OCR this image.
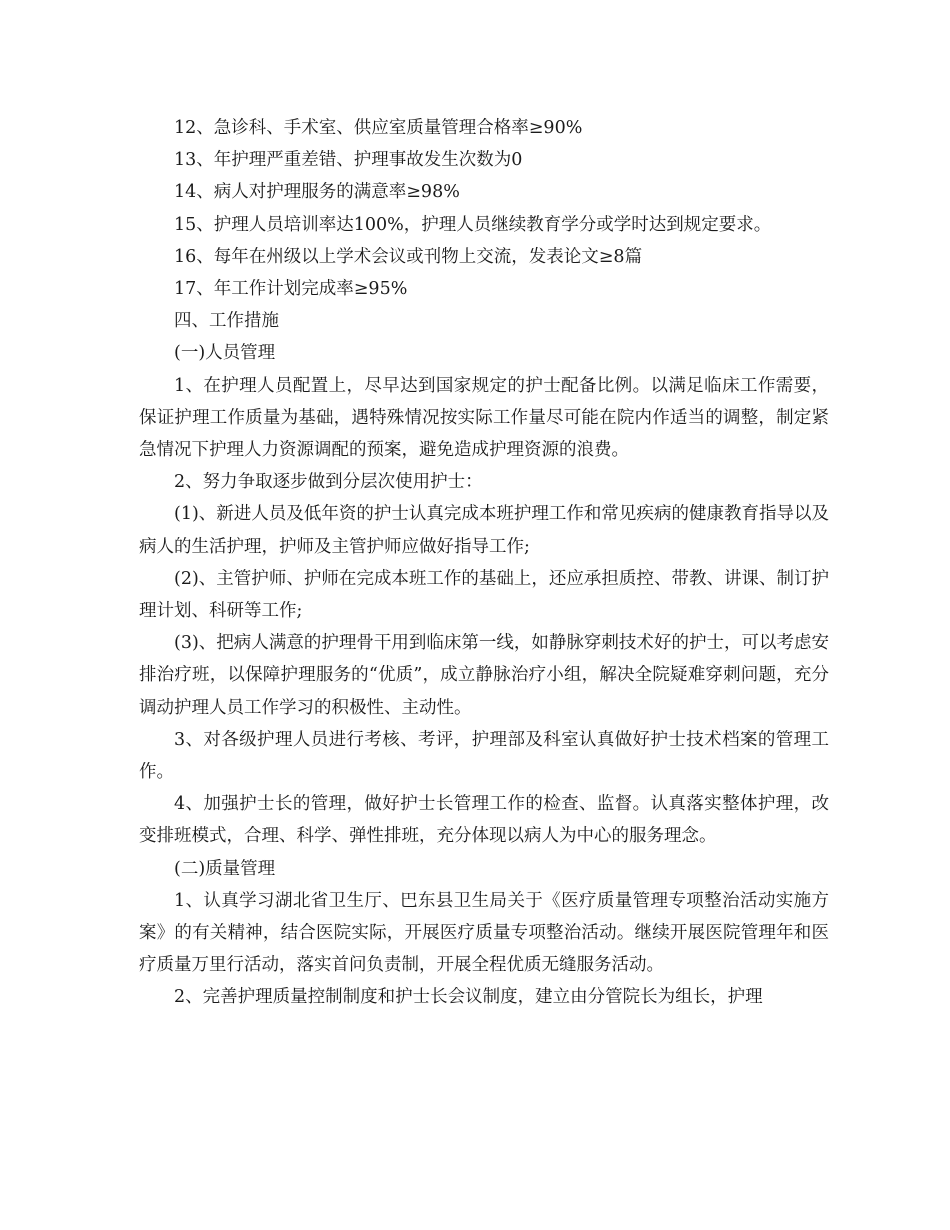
12、急诊科、手术室、供应室质量管理合格率≥90%

13、年护理严重差错、护理事故发生次数为0

14、病人对护理服务的满意率≥98%

15、护理人员培训率达100%，护理人员继续教育学分或学时达到规定要求。

16、每年在州级以上学术会议或刊物上交流，发表论文≥8篇

17、年工作计划完成率≥95%

四、工作措施

(一)人员管理

1、在护理人员配置上，尽早达到国家规定的护士配备比例。以满足临床工作需要，保证护理工作质量为基础，遇特殊情况按实际工作量尽可能在院内作适当的调整，制定紧急情况下护理人力资源调配的预案，避免造成护理资源的浪费。

2、努力争取逐步做到分层次使用护士：

(1)、新进人员及低年资的护士认真完成本班护理工作和常见疾病的健康教育指导以及病人的生活护理，护师及主管护师应做好指导工作;

(2)、主管护师、护师在完成本班工作的基础上，还应承担质控、带教、讲课、制订护理计划、科研等工作;

(3)、把病人满意的护理骨干用到临床第一线，如静脉穿刺技术好的护士，可以考虑安排治疗班，以保障护理服务的“优质”，成立静脉治疗小组，解决全院疑难穿刺问题，充分调动护理人员工作学习的积极性、主动性。

3、对各级护理人员进行考核、考评，护理部及科室认真做好护士技术档案的管理工作。

4、加强护士长的管理，做好护士长管理工作的检查、监督。认真落实整体护理，改变排班模式，合理、科学、弹性排班，充分体现以病人为中心的服务理念。

(二)质量管理

1、认真学习湖北省卫生厅、巴东县卫生局关于《医疗质量管理专项整治活动实施方案》的有关精神，结合医院实际，开展医疗质量专项整治活动。继续开展医院管理年和医疗质量万里行活动，落实首问负责制，开展全程优质无缝服务活动。

2、完善护理质量控制制度和护士长会议制度，建立由分管院长为组长，护理
